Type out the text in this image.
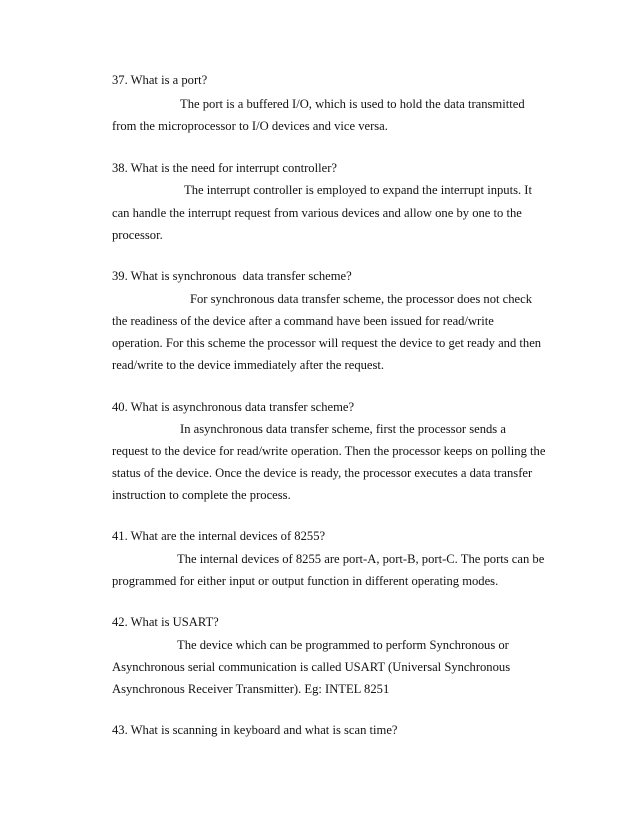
37. What is a port?

The port is a buffered I/O, which is used to hold the data transmitted

from the microprocessor to I/O devices and vice versa.

38. What is the need for interrupt controller?

The interrupt controller is employed to expand the interrupt inputs. It

can handle the interrupt request from various devices and allow one by one to the

processor.

39. What is synchronous  data transfer scheme?

For synchronous data transfer scheme, the processor does not check

the readiness of the device after a command have been issued for read/write

operation. For this scheme the processor will request the device to get ready and then

read/write to the device immediately after the request.

40. What is asynchronous data transfer scheme?

In asynchronous data transfer scheme, first the processor sends a

request to the device for read/write operation. Then the processor keeps on polling the

status of the device. Once the device is ready, the processor executes a data transfer

instruction to complete the process.

41. What are the internal devices of 8255?

The internal devices of 8255 are port-A, port-B, port-C. The ports can be

programmed for either input or output function in different operating modes.

42. What is USART?

The device which can be programmed to perform Synchronous or

Asynchronous serial communication is called USART (Universal Synchronous

Asynchronous Receiver Transmitter). Eg: INTEL 8251

43. What is scanning in keyboard and what is scan time?
